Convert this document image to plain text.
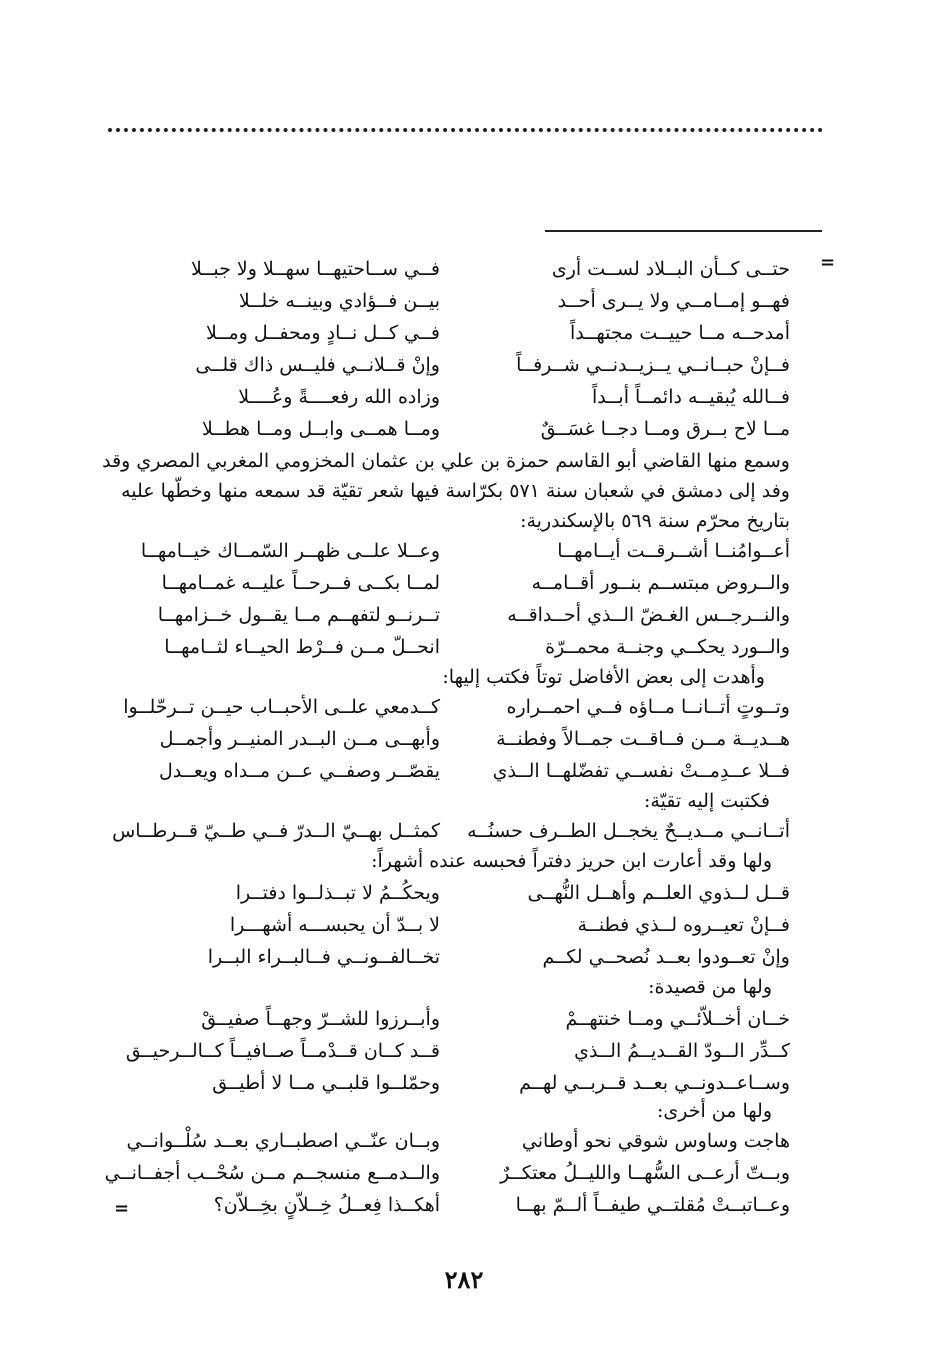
=
حتــى كــأن البــلاد لســت أرى
فــي ســاحتيهــا سهــلا ولا جبــلا
فهــو إمــامــي ولا يــرى أحــد
بيــن فــؤادي وبينــه خلــلا
أمدحــه مــا حييــت مجتهــداً
فــي كــل نــادٍ ومحفــل ومــلا
فــإنْ حبــانــي يــزيــدنــي شــرفــاً
وإنْ قــلانــي فليــس ذاك قلــى
فــالله يُبقيــه دائمــاً أبــداً
وزاده الله رفعــــةً وعُــــلا
مــا لاح بــرق ومــا دجــا غسَــقٌ
ومــا همــى وابــل ومــا هطــلا
وسمع منها القاضي أبو القاسم حمزة بن علي بن عثمان المخزومي المغربي المصري وقد
وفد إلى دمشق في شعبان سنة ٥٧١ بكرّاسة فيها شعر تقيّة قد سمعه منها وخطّها عليه
بتاريخ محرّم سنة ٥٦٩ بالإسكندرية:
أعــوامُنــا أشــرقــت أيــامهــا
وعــلا علــى ظهــر السّمــاك خيــامهــا
والــروض مبتســم بنــور أقــامــه
لمــا بكــى فــرحــاً عليــه غمــامهــا
والنــرجــس الغـضّ الــذي أحــداقــه
تــرنــو لتفهــم مــا يقــول خــزامهــا
والــورد يحكــي وجنــة محمــرّة
انحــلّ مــن فــرْط الحيــاء لثــامهــا
وأهدت إلى بعض الأفاضل توتاً فكتب إليها:
وتــوتٍ أتــانــا مــاؤه فــي احمــراره
كــدمعي علــى الأحبــاب حيــن تــرحّلــوا
هــديــة مــن فــاقــت جمــالاً وفطنــة
وأبهــى مــن البــدر المنيــر وأجمــل
فــلا عــدِمــتْ نفســي تفضّلهــا الــذي
يقصّــر وصفــي عــن مــداه ويعــدل
فكتبت إليه تقيّة:
أتــانــي مــديــحٌ يخجــل الطــرف حسنُــه
كمثــل بهــيّ الــدرّ فــي طــيّ قــرطــاس
ولها وقد أعارت ابن حريز دفتراً فحبسه عنده أشهراً:
قــل لــذوي العلــم وأهــل النُّهــى
ويحكُــمُ لا تبــذلــوا دفتــرا
فــإنْ تعيــروه لــذي فطنــة
لا بــدّ أن يحبســـه أشهـــرا
وإنْ تعــودوا بعــد نُصحــي لكــم
تخــالفــونــي فــالبــراء البــرا
ولها من قصيدة:
خــان أخــلاّئــي ومــا خنتهــمْ
وأبــرزوا للشــرّ وجهــاً صفيــقْ
كــدِّر الــودّ القــديــمُ الــذي
قــد كــان قــدْمــاً صــافيــاً كــالــرحيــق
وســاعــدونــي بعــد قــربــي لهــم
وحمّلــوا قلبــي مــا لا أطيــق
ولها من أخرى:
هاجت وساوس شوقي نحو أوطاني
وبــان عنّــي اصطبــاري بعــد سُلْــوانــي
وبــتّ أرعــى السُّهــا والليــلُ معتكــرٌ
والــدمــع منسجــم مــن سُحْــب أجفــانــي
وعــاتبــتْ مُقلتــي طيفــاً ألــمّ بهــا
أهكــذا فِعــلُ خِــلاّنٍ بخِــلاّن؟
=
٢٨٢
